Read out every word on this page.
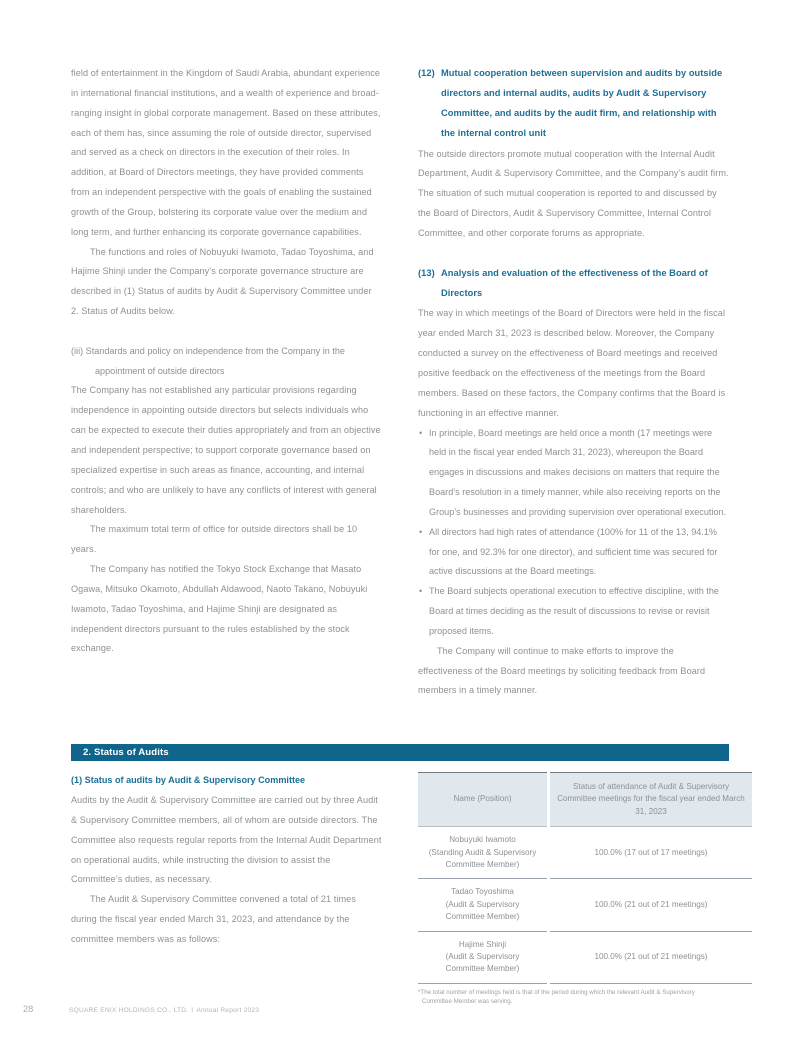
field of entertainment in the Kingdom of Saudi Arabia, abundant experience in international financial institutions, and a wealth of experience and broad-ranging insight in global corporate management. Based on these attributes, each of them has, since assuming the role of outside director, supervised and served as a check on directors in the execution of their roles. In addition, at Board of Directors meetings, they have provided comments from an independent perspective with the goals of enabling the sustained growth of the Group, bolstering its corporate value over the medium and long term, and further enhancing its corporate governance capabilities.

The functions and roles of Nobuyuki Iwamoto, Tadao Toyoshima, and Hajime Shinji under the Company’s corporate governance structure are described in (1) Status of audits by Audit & Supervisory Committee under 2. Status of Audits below.

(iii) Standards and policy on independence from the Company in the
appointment of outside directors

The Company has not established any particular provisions regarding independence in appointing outside directors but selects individuals who can be expected to execute their duties appropriately and from an objective and independent perspective; to support corporate governance based on specialized expertise in such areas as finance, accounting, and internal controls; and who are unlikely to have any conflicts of interest with general shareholders.

The maximum total term of office for outside directors shall be 10 years.

The Company has notified the Tokyo Stock Exchange that Masato Ogawa, Mitsuko Okamoto, Abdullah Aldawood, Naoto Takano, Nobuyuki Iwamoto, Tadao Toyoshima, and Hajime Shinji are designated as independent directors pursuant to the rules established by the stock exchange.

(12) Mutual cooperation between supervision and audits by outside directors and internal audits, audits by Audit & Supervisory Committee, and audits by the audit firm, and relationship with the internal control unit

The outside directors promote mutual cooperation with the Internal Audit Department, Audit & Supervisory Committee, and the Company’s audit firm. The situation of such mutual cooperation is reported to and discussed by the Board of Directors, Audit & Supervisory Committee, Internal Control Committee, and other corporate forums as appropriate.

(13) Analysis and evaluation of the effectiveness of the Board of Directors

The way in which meetings of the Board of Directors were held in the fiscal year ended March 31, 2023 is described below. Moreover, the Company conducted a survey on the effectiveness of Board meetings and received positive feedback on the effectiveness of the meetings from the Board members. Based on these factors, the Company confirms that the Board is functioning in an effective manner.

• In principle, Board meetings are held once a month (17 meetings were held in the fiscal year ended March 31, 2023), whereupon the Board engages in discussions and makes decisions on matters that require the Board’s resolution in a timely manner, while also receiving reports on the Group’s businesses and providing supervision over operational execution.
• All directors had high rates of attendance (100% for 11 of the 13, 94.1% for one, and 92.3% for one director), and sufficient time was secured for active discussions at the Board meetings.
• The Board subjects operational execution to effective discipline, with the Board at times deciding as the result of discussions to revise or revisit proposed items.

The Company will continue to make efforts to improve the effectiveness of the Board meetings by soliciting feedback from Board members in a timely manner.

2. Status of Audits
(1) Status of audits by Audit & Supervisory Committee

Audits by the Audit & Supervisory Committee are carried out by three Audit & Supervisory Committee members, all of whom are outside directors. The Committee also requests regular reports from the Internal Audit Department on operational audits, while instructing the division to assist the Committee’s duties, as necessary.

The Audit & Supervisory Committee convened a total of 21 times during the fiscal year ended March 31, 2023, and attendance by the committee members was as follows:

Name (Position)	Status of attendance of Audit & Supervisory Committee meetings for the fiscal year ended March 31, 2023
Nobuyuki Iwamoto
(Standing Audit & Supervisory
Committee Member)	100.0% (17 out of 17 meetings)
Tadao Toyoshima
(Audit & Supervisory
Committee Member)	100.0% (21 out of 21 meetings)
Hajime Shinji
(Audit & Supervisory
Committee Member)	100.0% (21 out of 21 meetings)

*The total number of meetings held is that of the period during which the relevant Audit & Supervisory
Committee Member was serving.

28	SQUARE ENIX HOLDINGS CO., LTD. I Annual Report 2023
